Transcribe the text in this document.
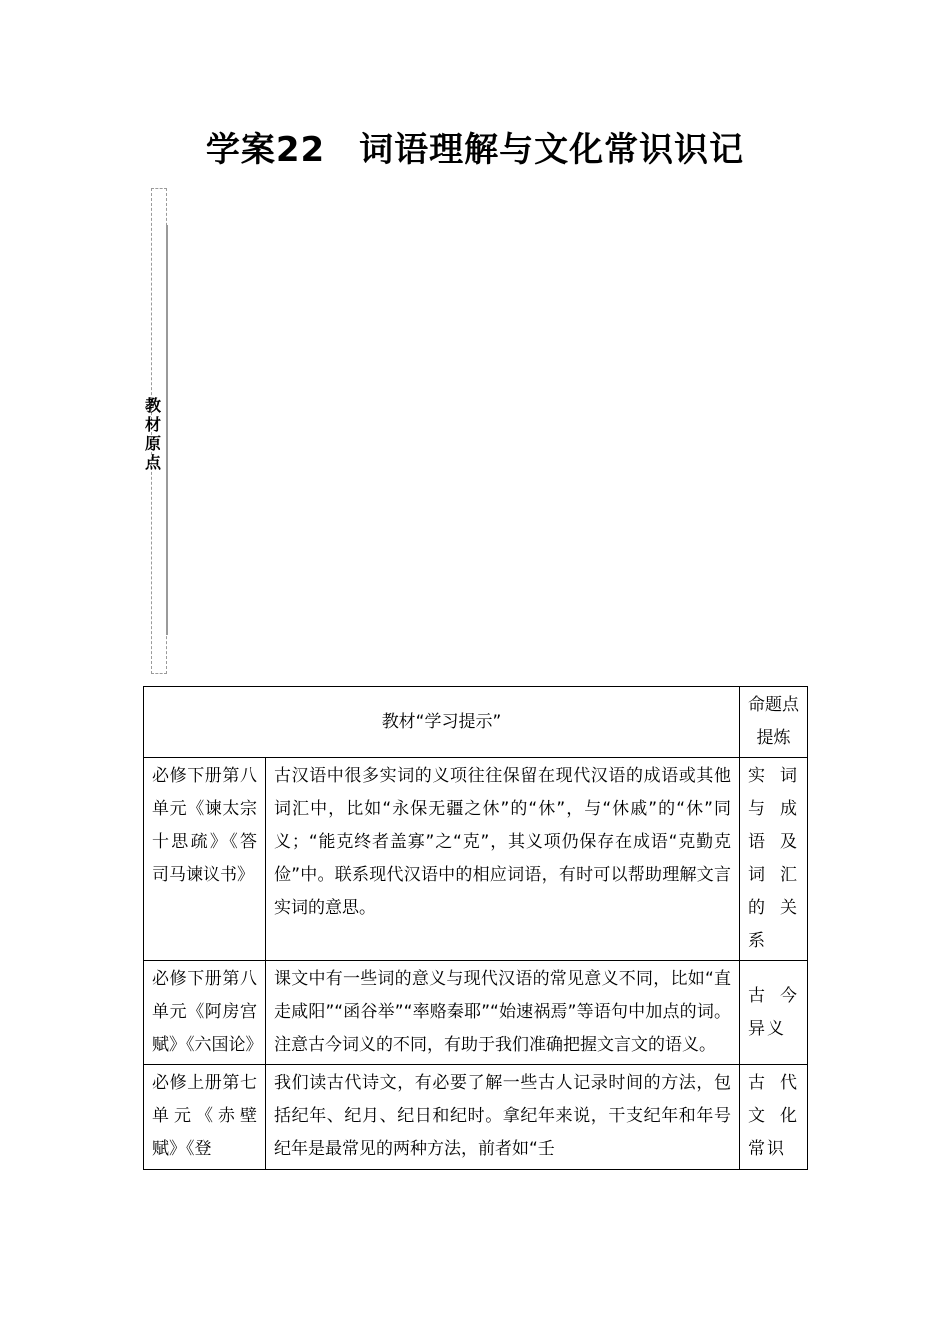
学案22 词语理解与文化常识识记
教材原点
教材“学习提示”		命题点提炼
必修下册第八单元《谏太宗十思疏》《答司马谏议书》	古汉语中很多实词的义项往往保留在现代汉语的成语或其他词汇中，比如“永保无疆之休”的“休”，与“休戚”的“休”同义；“能克终者盖寡”之“克”，其义项仍保存在成语“克勤克俭”中。联系现代汉语中的相应词语，有时可以帮助理解文言实词的意思。	实词与成语及词汇的关系
必修下册第八单元《阿房宫赋》《六国论》	课文中有一些词的意义与现代汉语的常见意义不同，比如“直走咸阳”“函谷举”“率赂秦耶”“始速祸焉”等语句中加点的词。注意古今词义的不同，有助于我们准确把握文言文的语义。	古今异义

必修上册第七单元《赤壁赋》《登	我们读古代诗文，有必要了解一些古人记录时间的方法，包括纪年、纪月、纪日和纪时。拿纪年来说，干支纪年和年号纪年是最常见的两种方法，前者如“壬	古代文化常识
